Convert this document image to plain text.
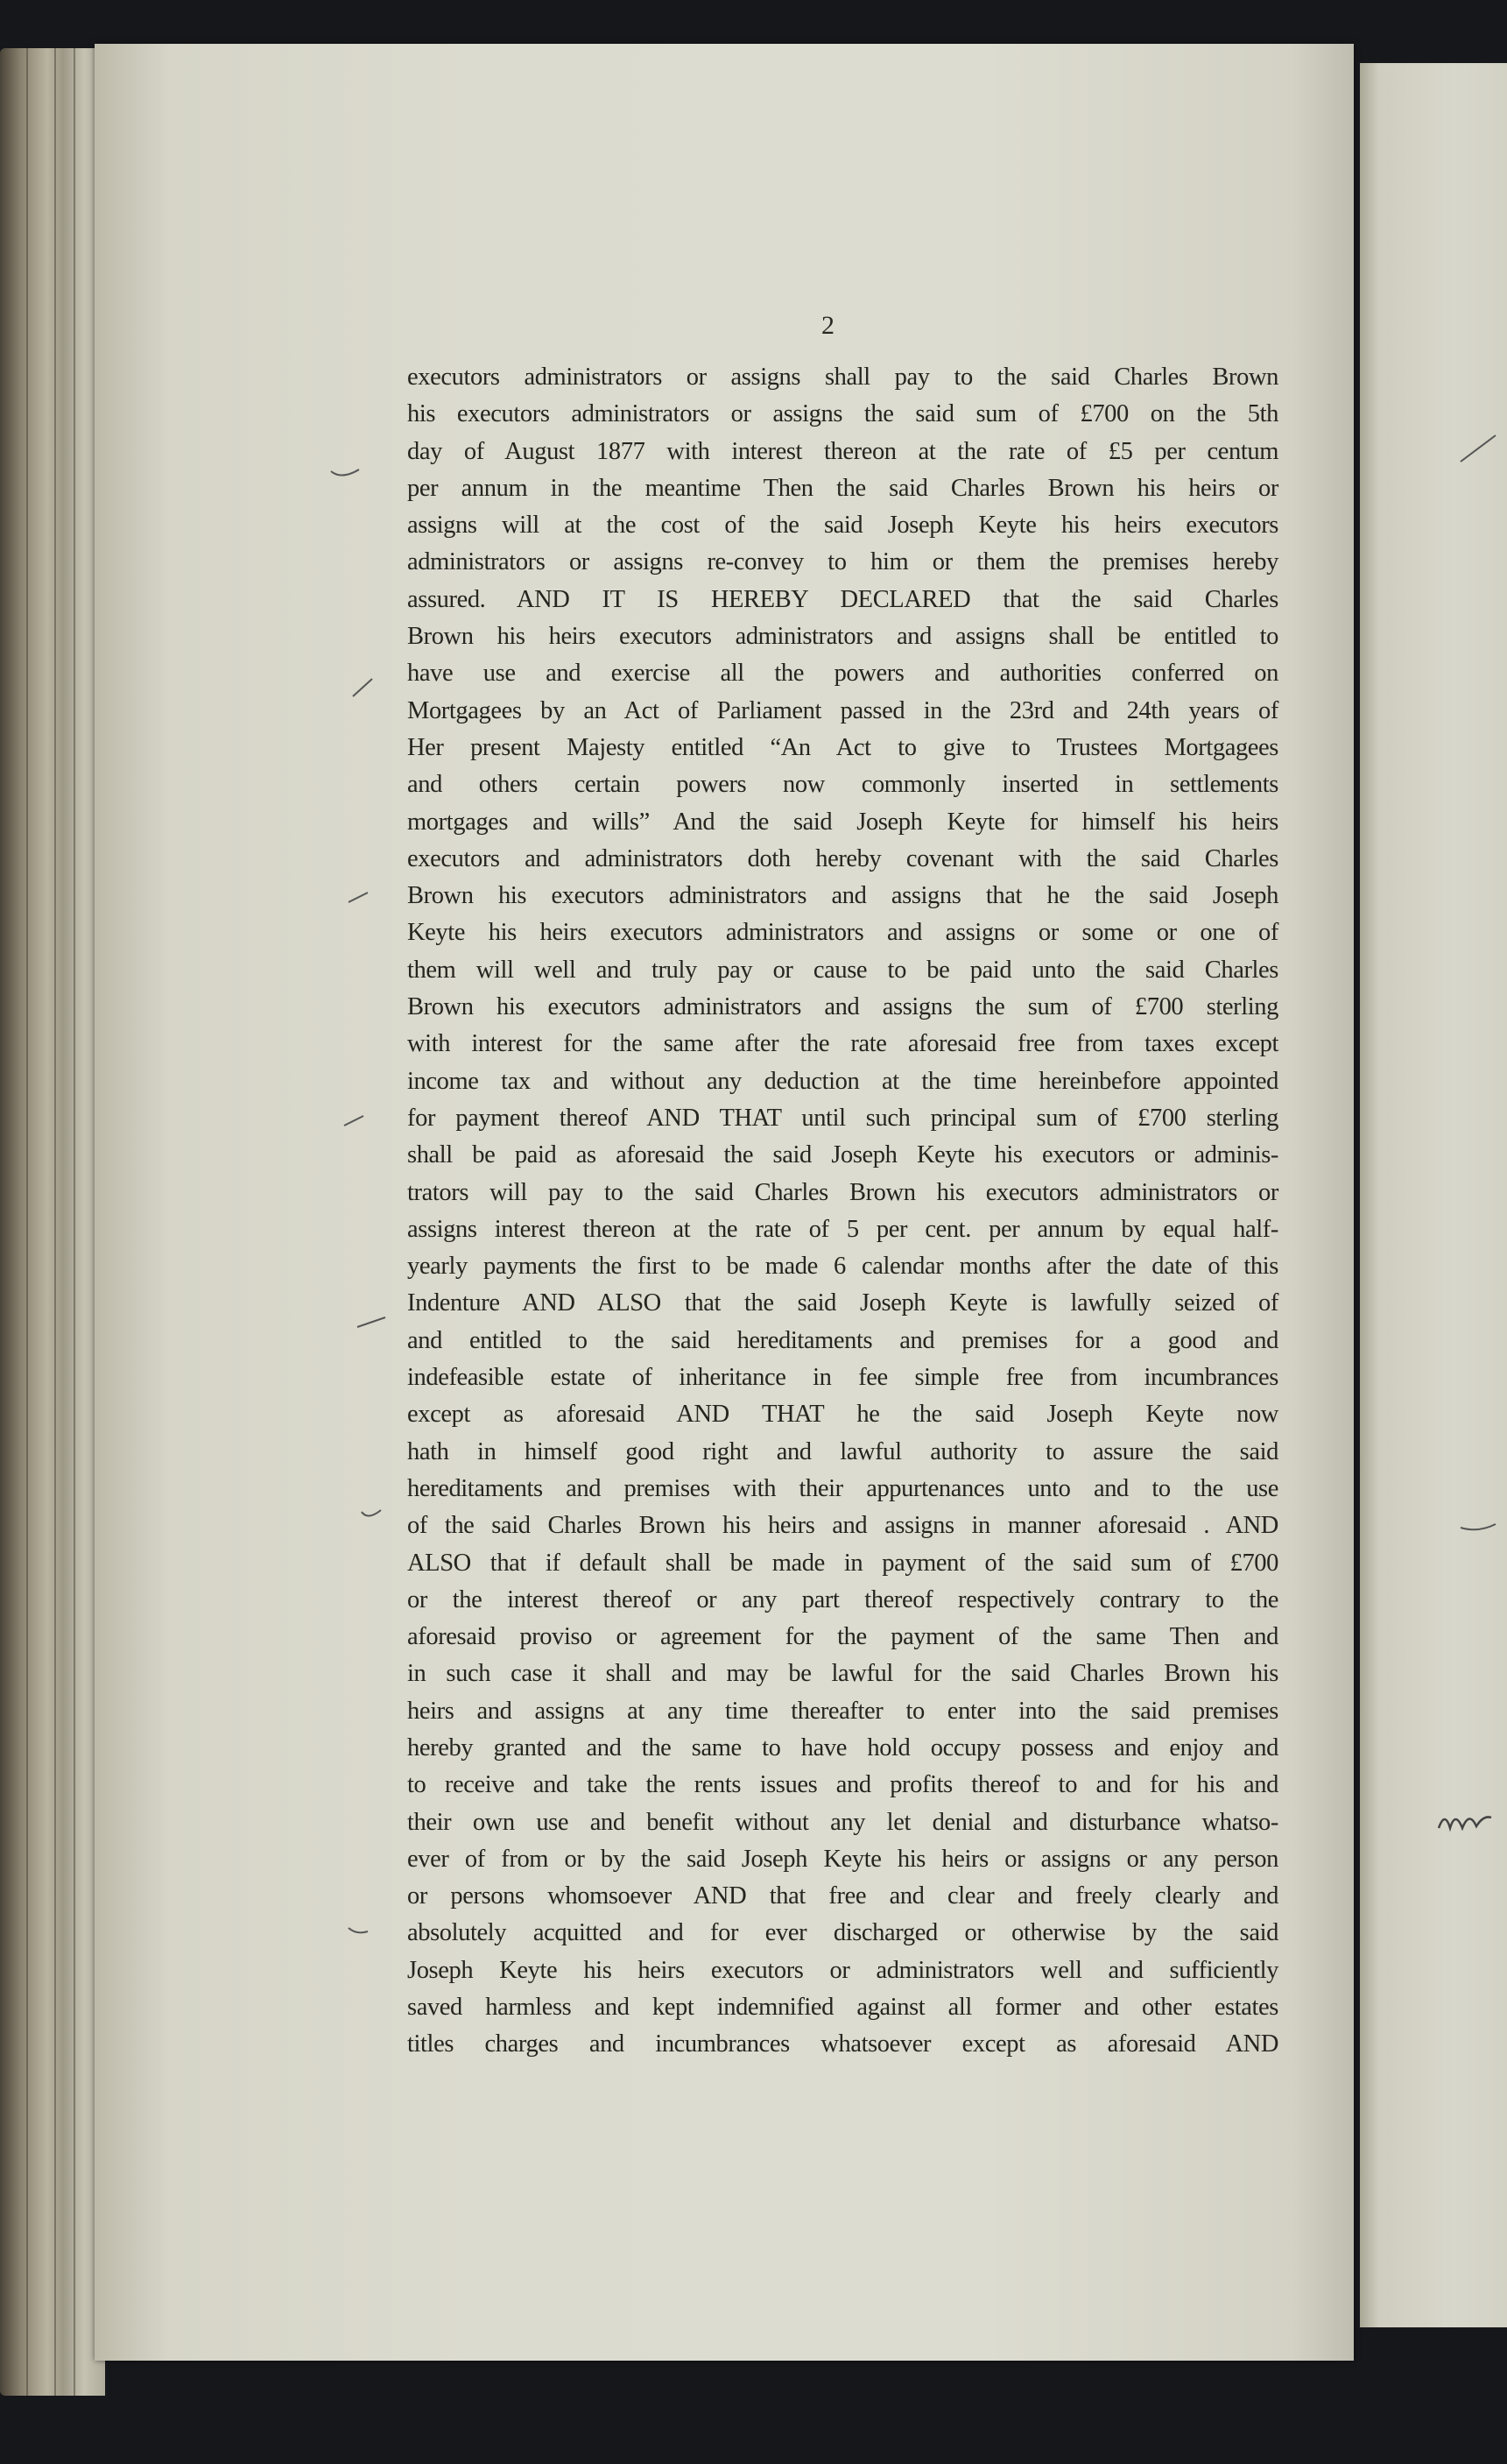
2
executors administrators or assigns shall pay to the said Charles Brown
his executors administrators or assigns the said sum of £700 on the 5th
day of August 1877 with interest thereon at the rate of £5 per centum
per annum in the meantime Then the said Charles Brown his heirs or
assigns will at the cost of the said Joseph Keyte his heirs executors
administrators or assigns re-convey to him or them the premises hereby
assured. AND IT IS HEREBY DECLARED that the said Charles
Brown his heirs executors administrators and assigns shall be entitled to
have use and exercise all the powers and authorities conferred on
Mortgagees by an Act of Parliament passed in the 23rd and 24th years of
Her present Majesty entitled “An Act to give to Trustees Mortgagees
and others certain powers now commonly inserted in settlements
mortgages and wills” And the said Joseph Keyte for himself his heirs
executors and administrators doth hereby covenant with the said Charles
Brown his executors administrators and assigns that he the said Joseph
Keyte his heirs executors administrators and assigns or some or one of
them will well and truly pay or cause to be paid unto the said Charles
Brown his executors administrators and assigns the sum of £700 sterling
with interest for the same after the rate aforesaid free from taxes except
income tax and without any deduction at the time hereinbefore appointed
for payment thereof AND THAT until such principal sum of £700 sterling
shall be paid as aforesaid the said Joseph Keyte his executors or adminis-
trators will pay to the said Charles Brown his executors administrators or
assigns interest thereon at the rate of 5 per cent. per annum by equal half-
yearly payments the first to be made 6 calendar months after the date of this
Indenture AND ALSO that the said Joseph Keyte is lawfully seized of
and entitled to the said hereditaments and premises for a good and
indefeasible estate of inheritance in fee simple free from incumbrances
except as aforesaid AND THAT he the said Joseph Keyte now
hath in himself good right and lawful authority to assure the said
hereditaments and premises with their appurtenances unto and to the use
of the said Charles Brown his heirs and assigns in manner aforesaid . AND
ALSO that if default shall be made in payment of the said sum of £700
or the interest thereof or any part thereof respectively contrary to the
aforesaid proviso or agreement for the payment of the same Then and
in such case it shall and may be lawful for the said Charles Brown his
heirs and assigns at any time thereafter to enter into the said premises
hereby granted and the same to have hold occupy possess and enjoy and
to receive and take the rents issues and profits thereof to and for his and
their own use and benefit without any let denial and disturbance whatso-
ever of from or by the said Joseph Keyte his heirs or assigns or any person
or persons whomsoever AND that free and clear and freely clearly and
absolutely acquitted and for ever discharged or otherwise by the said
Joseph Keyte his heirs executors or administrators well and sufficiently
saved harmless and kept indemnified against all former and other estates
titles charges and incumbrances whatsoever except as aforesaid AND
